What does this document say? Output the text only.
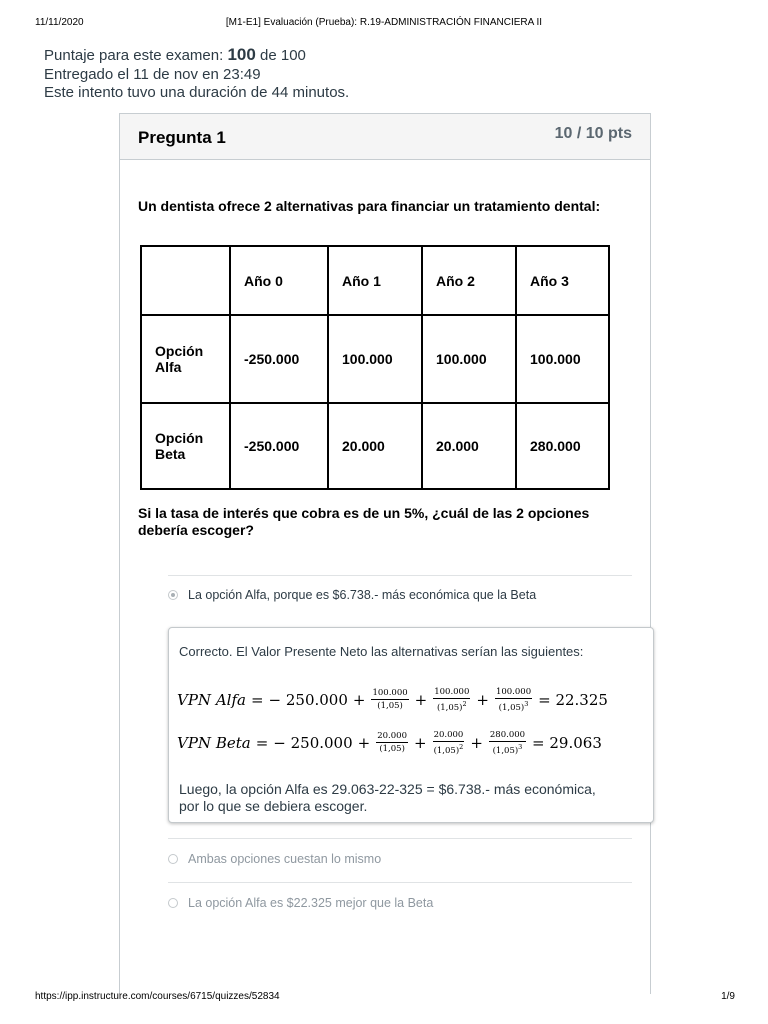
11/11/2020	[M1-E1] Evaluación (Prueba): R.19-ADMINISTRACIÓN FINANCIERA II
Puntaje para este examen: 100 de 100
Entregado el 11 de nov en 23:49
Este intento tuvo una duración de 44 minutos.
Pregunta 1	10 / 10 pts
Un dentista ofrece 2 alternativas para financiar un tratamiento dental:
	Año 0	Año 1	Año 2	Año 3
Opción Alfa	-250.000	100.000	100.000	100.000
Opción Beta	-250.000	20.000	20.000	280.000
Si la tasa de interés que cobra es de un 5%, ¿cuál de las 2 opciones debería escoger?
La opción Alfa, porque es $6.738.- más económica que la Beta
Correcto. El Valor Presente Neto las alternativas serían las siguientes:
VPN Alfa = − $250.000 + \frac{100.000}{(1,05)} + \frac{100.000}{(1,05)^2} + \frac{100.000}{(1,05)^3} = 22.325$
VPN Beta = − $250.000 + \frac{20.000}{(1,05)} + \frac{20.000}{(1,05)^2} + \frac{280.000}{(1,05)^3} = 29.063$
Luego, la opción Alfa es 29.063-22-325 = $6.738.- más económica, por lo que se debiera escoger.
Ambas opciones cuestan lo mismo
La opción Alfa es $22.325 mejor que la Beta
https://ipp.instructure.com/courses/6715/quizzes/52834	1/9
